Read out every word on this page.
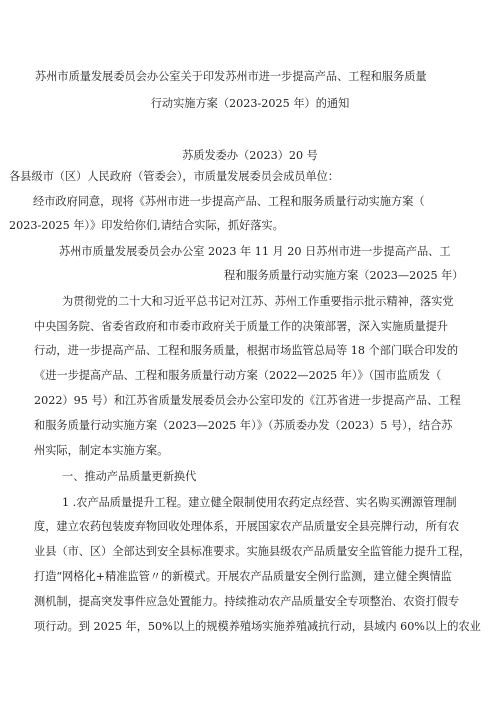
苏州市质量发展委员会办公室关于印发苏州市进一步提高产品、工程和服务质量
行动实施方案（2023-2025 年）的通知
苏质发委办（2023）20 号
各县级市（区）人民政府（管委会），市质量发展委员会成员单位：
经市政府同意，现将《苏州市进一步提高产品、工程和服务质量行动实施方案（
2023-2025 年）》印发给你们,请结合实际，抓好落实。
苏州市质量发展委员会办公室 2023 年 11 月 20 日苏州市进一步提高产品、工
程和服务质量行动实施方案（2023—2025 年）
为贯彻党的二十大和习近平总书记对江苏、苏州工作重要指示批示精神，落实党
中央国务院、省委省政府和市委市政府关于质量工作的决策部署，深入实施质量提升
行动，进一步提高产品、工程和服务质量，根据市场监管总局等 18 个部门联合印发的
《进一步提高产品、工程和服务质量行动方案（2022—2025 年）》（国市监质发（
2022）95 号）和江苏省质量发展委员会办公室印发的《江苏省进一步提高产品、工程
和服务质量行动实施方案（2023—2025 年）》（苏质委办发（2023）5 号），结合苏
州实际，制定本实施方案。
一、推动产品质量更新换代
1 .农产品质量提升工程。建立健全限制使用农药定点经营、实名购买溯源管理制
度，建立农药包装废弃物回收处理体系，开展国家农产品质量安全县亮牌行动，所有农
业县（市、区）全部达到安全县标准要求。实施县级农产品质量安全监管能力提升工程，
打造“网格化+精准监管〃的新模式。开展农产品质量安全例行监测，建立健全舆情监
测机制，提高突发事件应急处置能力。持续推动农产品质量安全专项整治、农资打假专
项行动。到 2025 年，50%以上的规模养殖场实施养殖减抗行动，县域内 60%以上的农业
